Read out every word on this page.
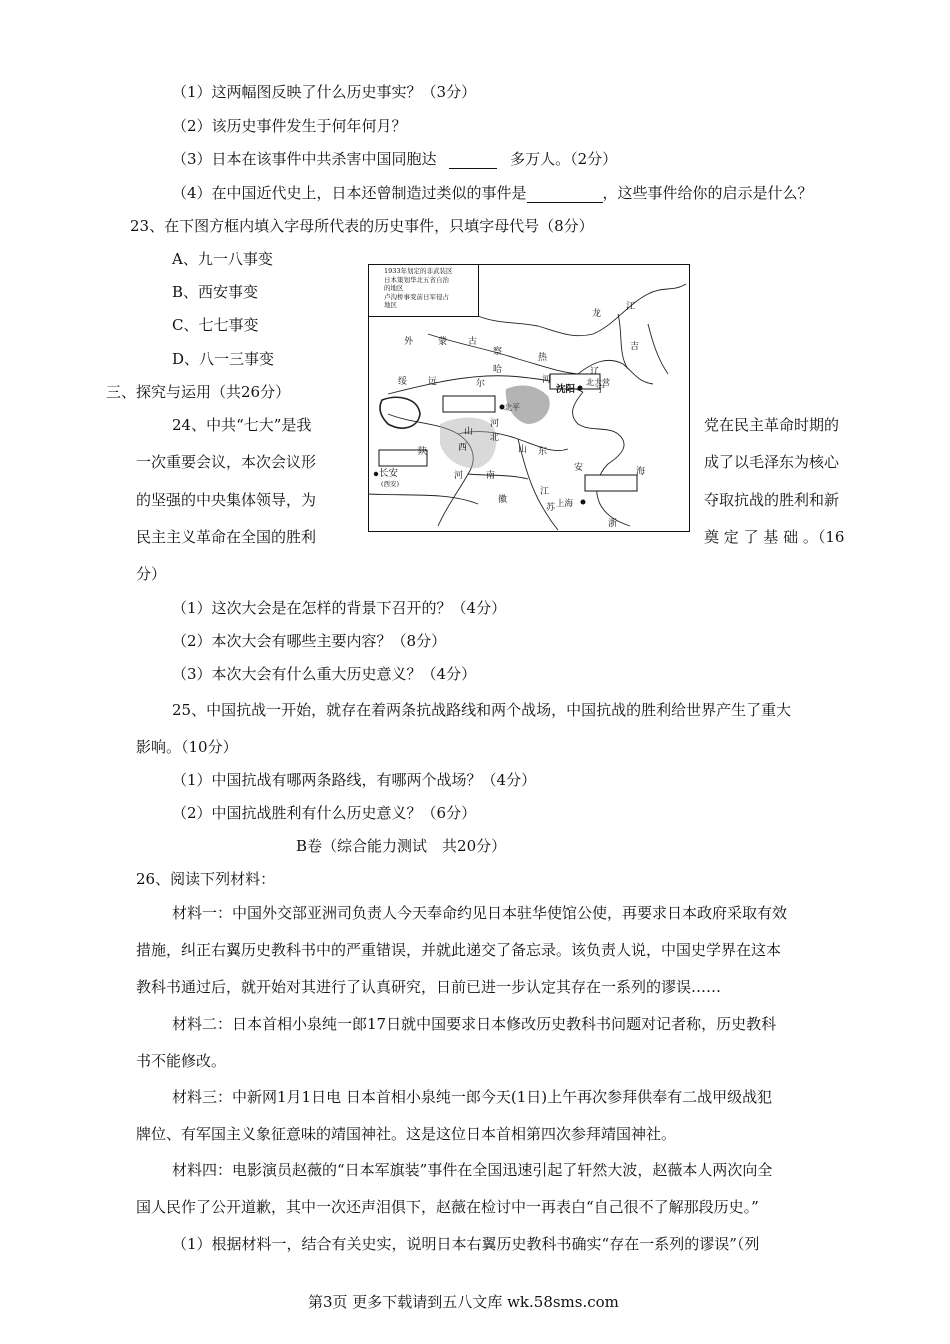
（1）这两幅图反映了什么历史事实？（3分）
（2）该历史事件发生于何年何月？
（3）日本在该事件中共杀害中国同胞达	多万人。（2分）
（4）在中国近代史上，日本还曾制造过类似的事件是	，这些事件给你的启示是什么？
23、在下图方框内填入字母所代表的历史事件，只填字母代号（8分）
A、九一八事变
B、西安事变
C、七七事变
D、八一三事变
三、探究与运用（共26分）
24、中共“七大”是我	党在民主革命时期的
一次重要会议，本次会议形	成了以毛泽东为核心
的坚强的中央集体领导，为	夺取抗战的胜利和新
民主主义革命在全国的胜利	奠 定 了 基 础 。（16
分）
（1）这次大会是在怎样的背景下召开的？（4分）
（2）本次大会有哪些主要内容？（8分）
（3）本次大会有什么重大历史意义？（4分）
25、中国抗战一开始，就存在着两条抗战路线和两个战场，中国抗战的胜利给世界产生了重大
影响。（10分）
（1）中国抗战有哪两条路线，有哪两个战场？（4分）
（2）中国抗战胜利有什么历史意义？（6分）
B卷（综合能力测试　共20分）
26、阅读下列材料：
材料一：中国外交部亚洲司负责人今天奉命约见日本驻华使馆公使，再要求日本政府采取有效
措施，纠正右翼历史教科书中的严重错误，并就此递交了备忘录。该负责人说，中国史学界在这本
教科书通过后，就开始对其进行了认真研究，日前已进一步认定其存在一系列的谬误……
材料二：日本首相小泉纯一郎17日就中国要求日本修改历史教科书问题对记者称，历史教科
书不能修改。
材料三：中新网1月1日电 日本首相小泉纯一郎今天(1日)上午再次参拜供奉有二战甲级战犯
牌位、有军国主义象征意味的靖国神社。这是这位日本首相第四次参拜靖国神社。
材料四：电影演员赵薇的“日本军旗装”事件在全国迅速引起了轩然大波，赵薇本人两次向全
国人民作了公开道歉，其中一次还声泪俱下，赵薇在检讨中一再表白“自己很不了解那段历史。”
（1）根据材料一，结合有关史实，说明日本右翼历史教科书确实“存在一系列的谬误”（列
第3页 更多下载请到五八文库 wk.58sms.com
1933年划定的非武装区
日本策划华北五省自治
的地区
卢沟桥事变前日军侵占
地区
外	蒙 古
江
龙
吉
察
哈
尔
热
河
辽
宁
绥 远
沈阳
北大营
北平
山
西
陕
河
北
山 东
河	南
长安
(西安)
江
苏
安
徽	上海
浙
海
